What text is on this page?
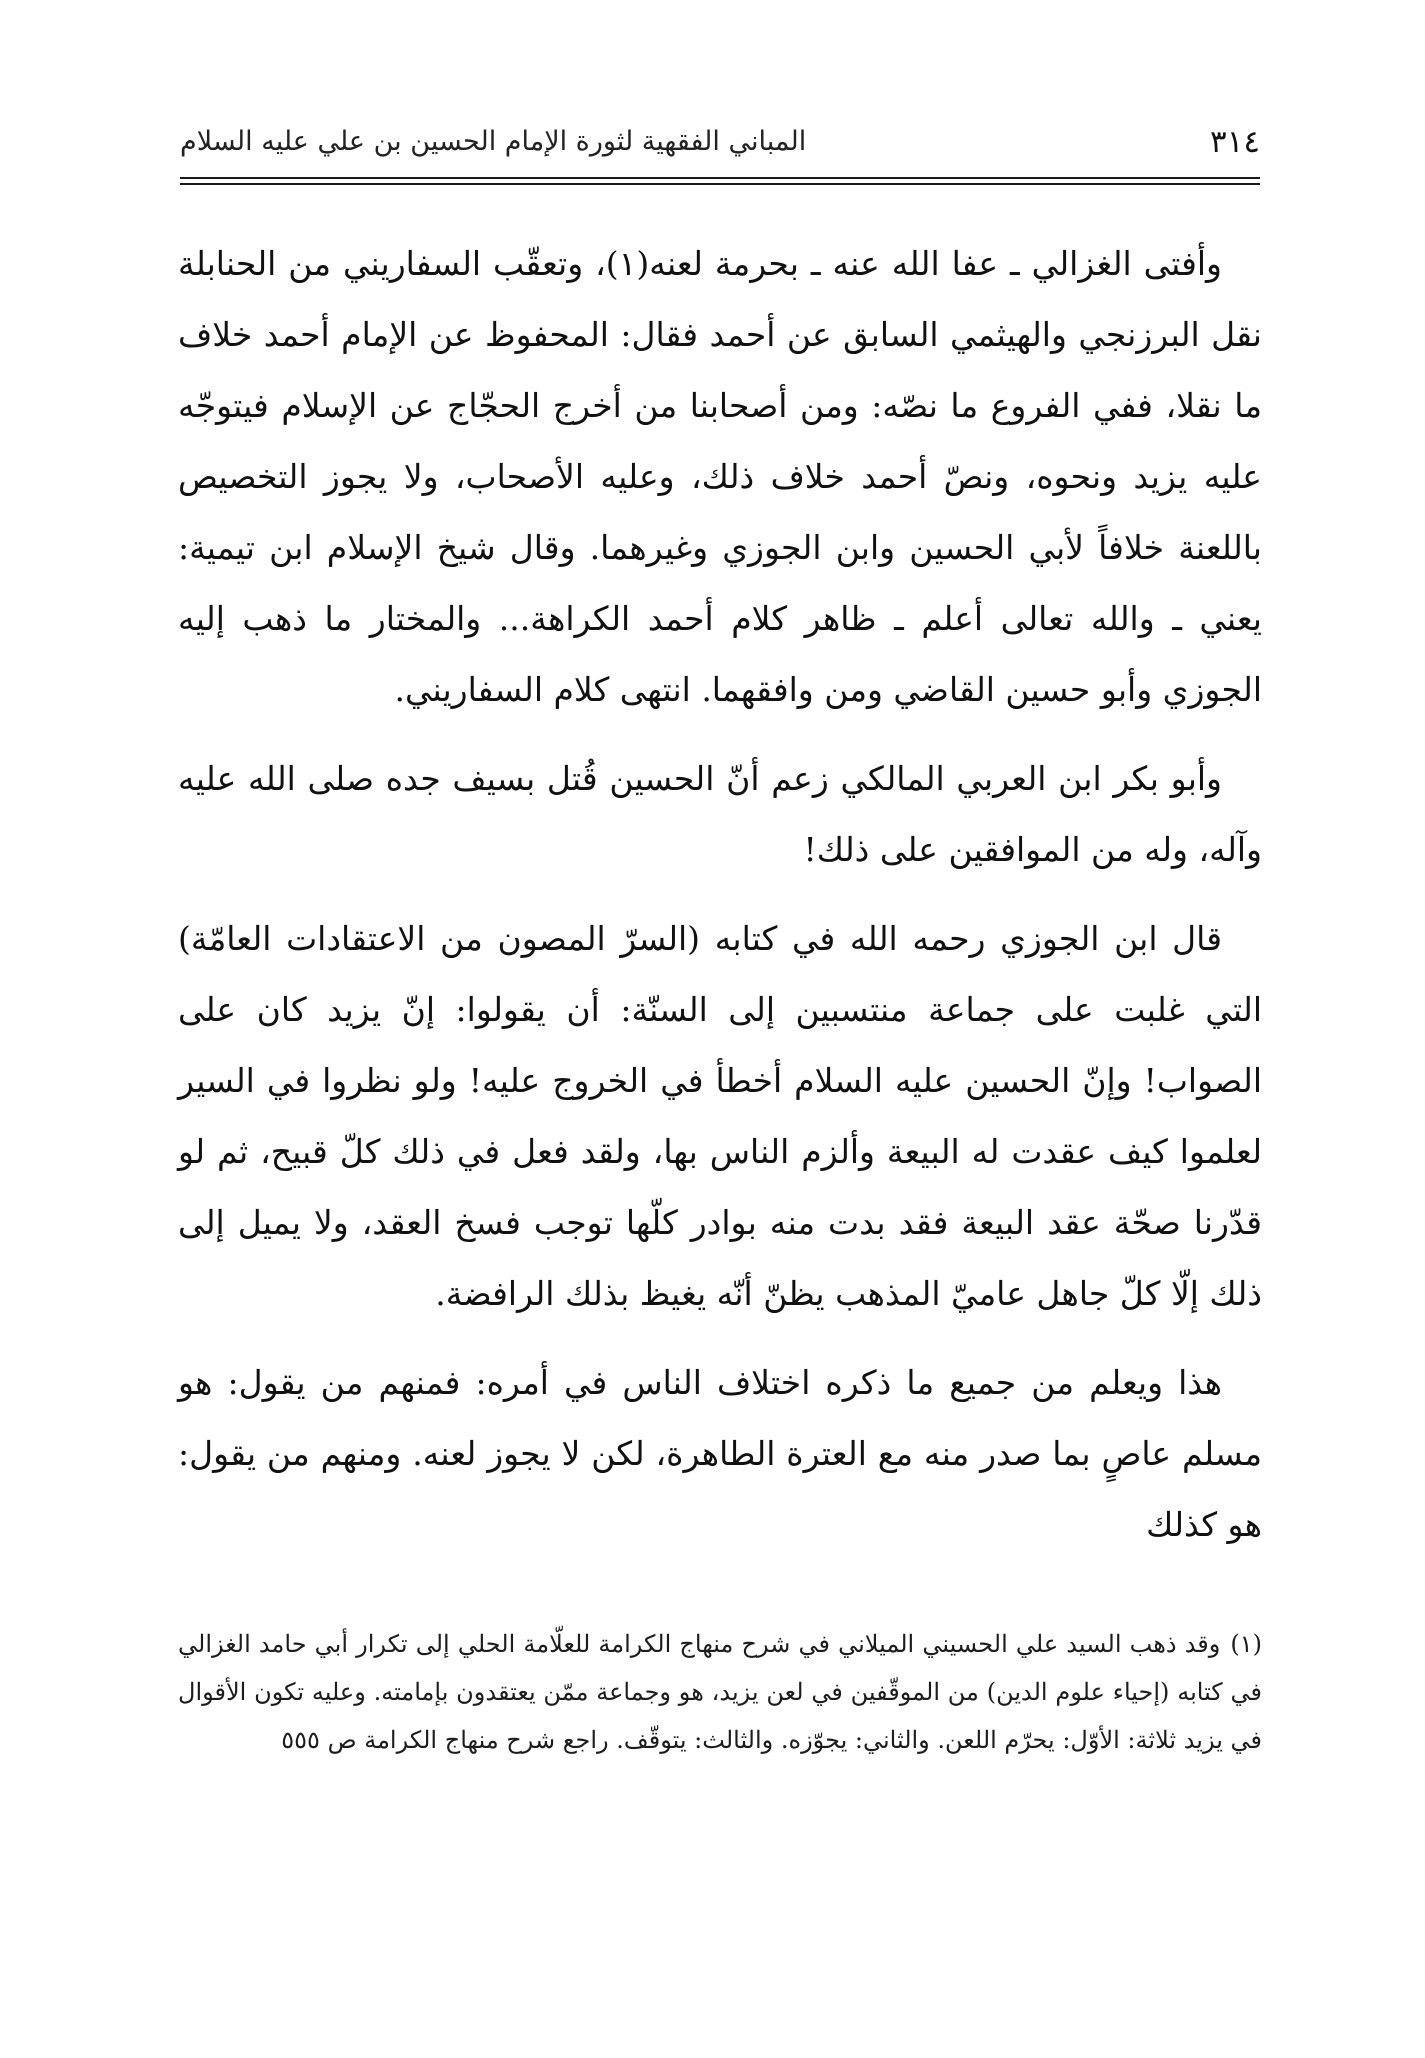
٣١٤
المباني الفقهية لثورة الإمام الحسين بن علي عليه السلام

وأفتى الغزالي ـ عفا الله عنه ـ بحرمة لعنه(١)، وتعقّب السفاريني من الحنابلة نقل البرزنجي والهيثمي السابق عن أحمد فقال: المحفوظ عن الإمام أحمد خلاف ما نقلا، ففي الفروع ما نصّه: ومن أصحابنا من أخرج الحجّاج عن الإسلام فيتوجّه عليه يزيد ونحوه، ونصّ أحمد خلاف ذلك، وعليه الأصحاب، ولا يجوز التخصيص باللعنة خلافاً لأبي الحسين وابن الجوزي وغيرهما. وقال شيخ الإسلام ابن تيمية: يعني ـ والله تعالى أعلم ـ ظاهر كلام أحمد الكراهة... والمختار ما ذهب إليه الجوزي وأبو حسين القاضي ومن وافقهما. انتهى كلام السفاريني.

وأبو بكر ابن العربي المالكي زعم أنّ الحسين قُتل بسيف جده صلى الله عليه وآله، وله من الموافقين على ذلك!

قال ابن الجوزي رحمه الله في كتابه (السرّ المصون من الاعتقادات العامّة) التي غلبت على جماعة منتسبين إلى السنّة: أن يقولوا: إنّ يزيد كان على الصواب! وإنّ الحسين عليه السلام أخطأ في الخروج عليه! ولو نظروا في السير لعلموا كيف عقدت له البيعة وألزم الناس بها، ولقد فعل في ذلك كلّ قبيح، ثم لو قدّرنا صحّة عقد البيعة فقد بدت منه بوادر كلّها توجب فسخ العقد، ولا يميل إلى ذلك إلّا كلّ جاهل عاميّ المذهب يظنّ أنّه يغيظ بذلك الرافضة.

هذا ويعلم من جميع ما ذكره اختلاف الناس في أمره: فمنهم من يقول: هو مسلم عاصٍ بما صدر منه مع العترة الطاهرة، لكن لا يجوز لعنه. ومنهم من يقول: هو كذلك

(١)وقد ذهب السيد علي الحسيني الميلاني في شرح منهاج الكرامة للعلّامة الحلي إلى تكرار أبي حامد الغزالي في كتابه (إحياء علوم الدين) من الموقّفين في لعن يزيد، هو وجماعة ممّن يعتقدون بإمامته. وعليه تكون الأقوال في يزيد ثلاثة: الأوّل: يحرّم اللعن. والثاني: يجوّزه. والثالث: يتوقّف. راجع شرح منهاج الكرامة ص ٥٥٥
